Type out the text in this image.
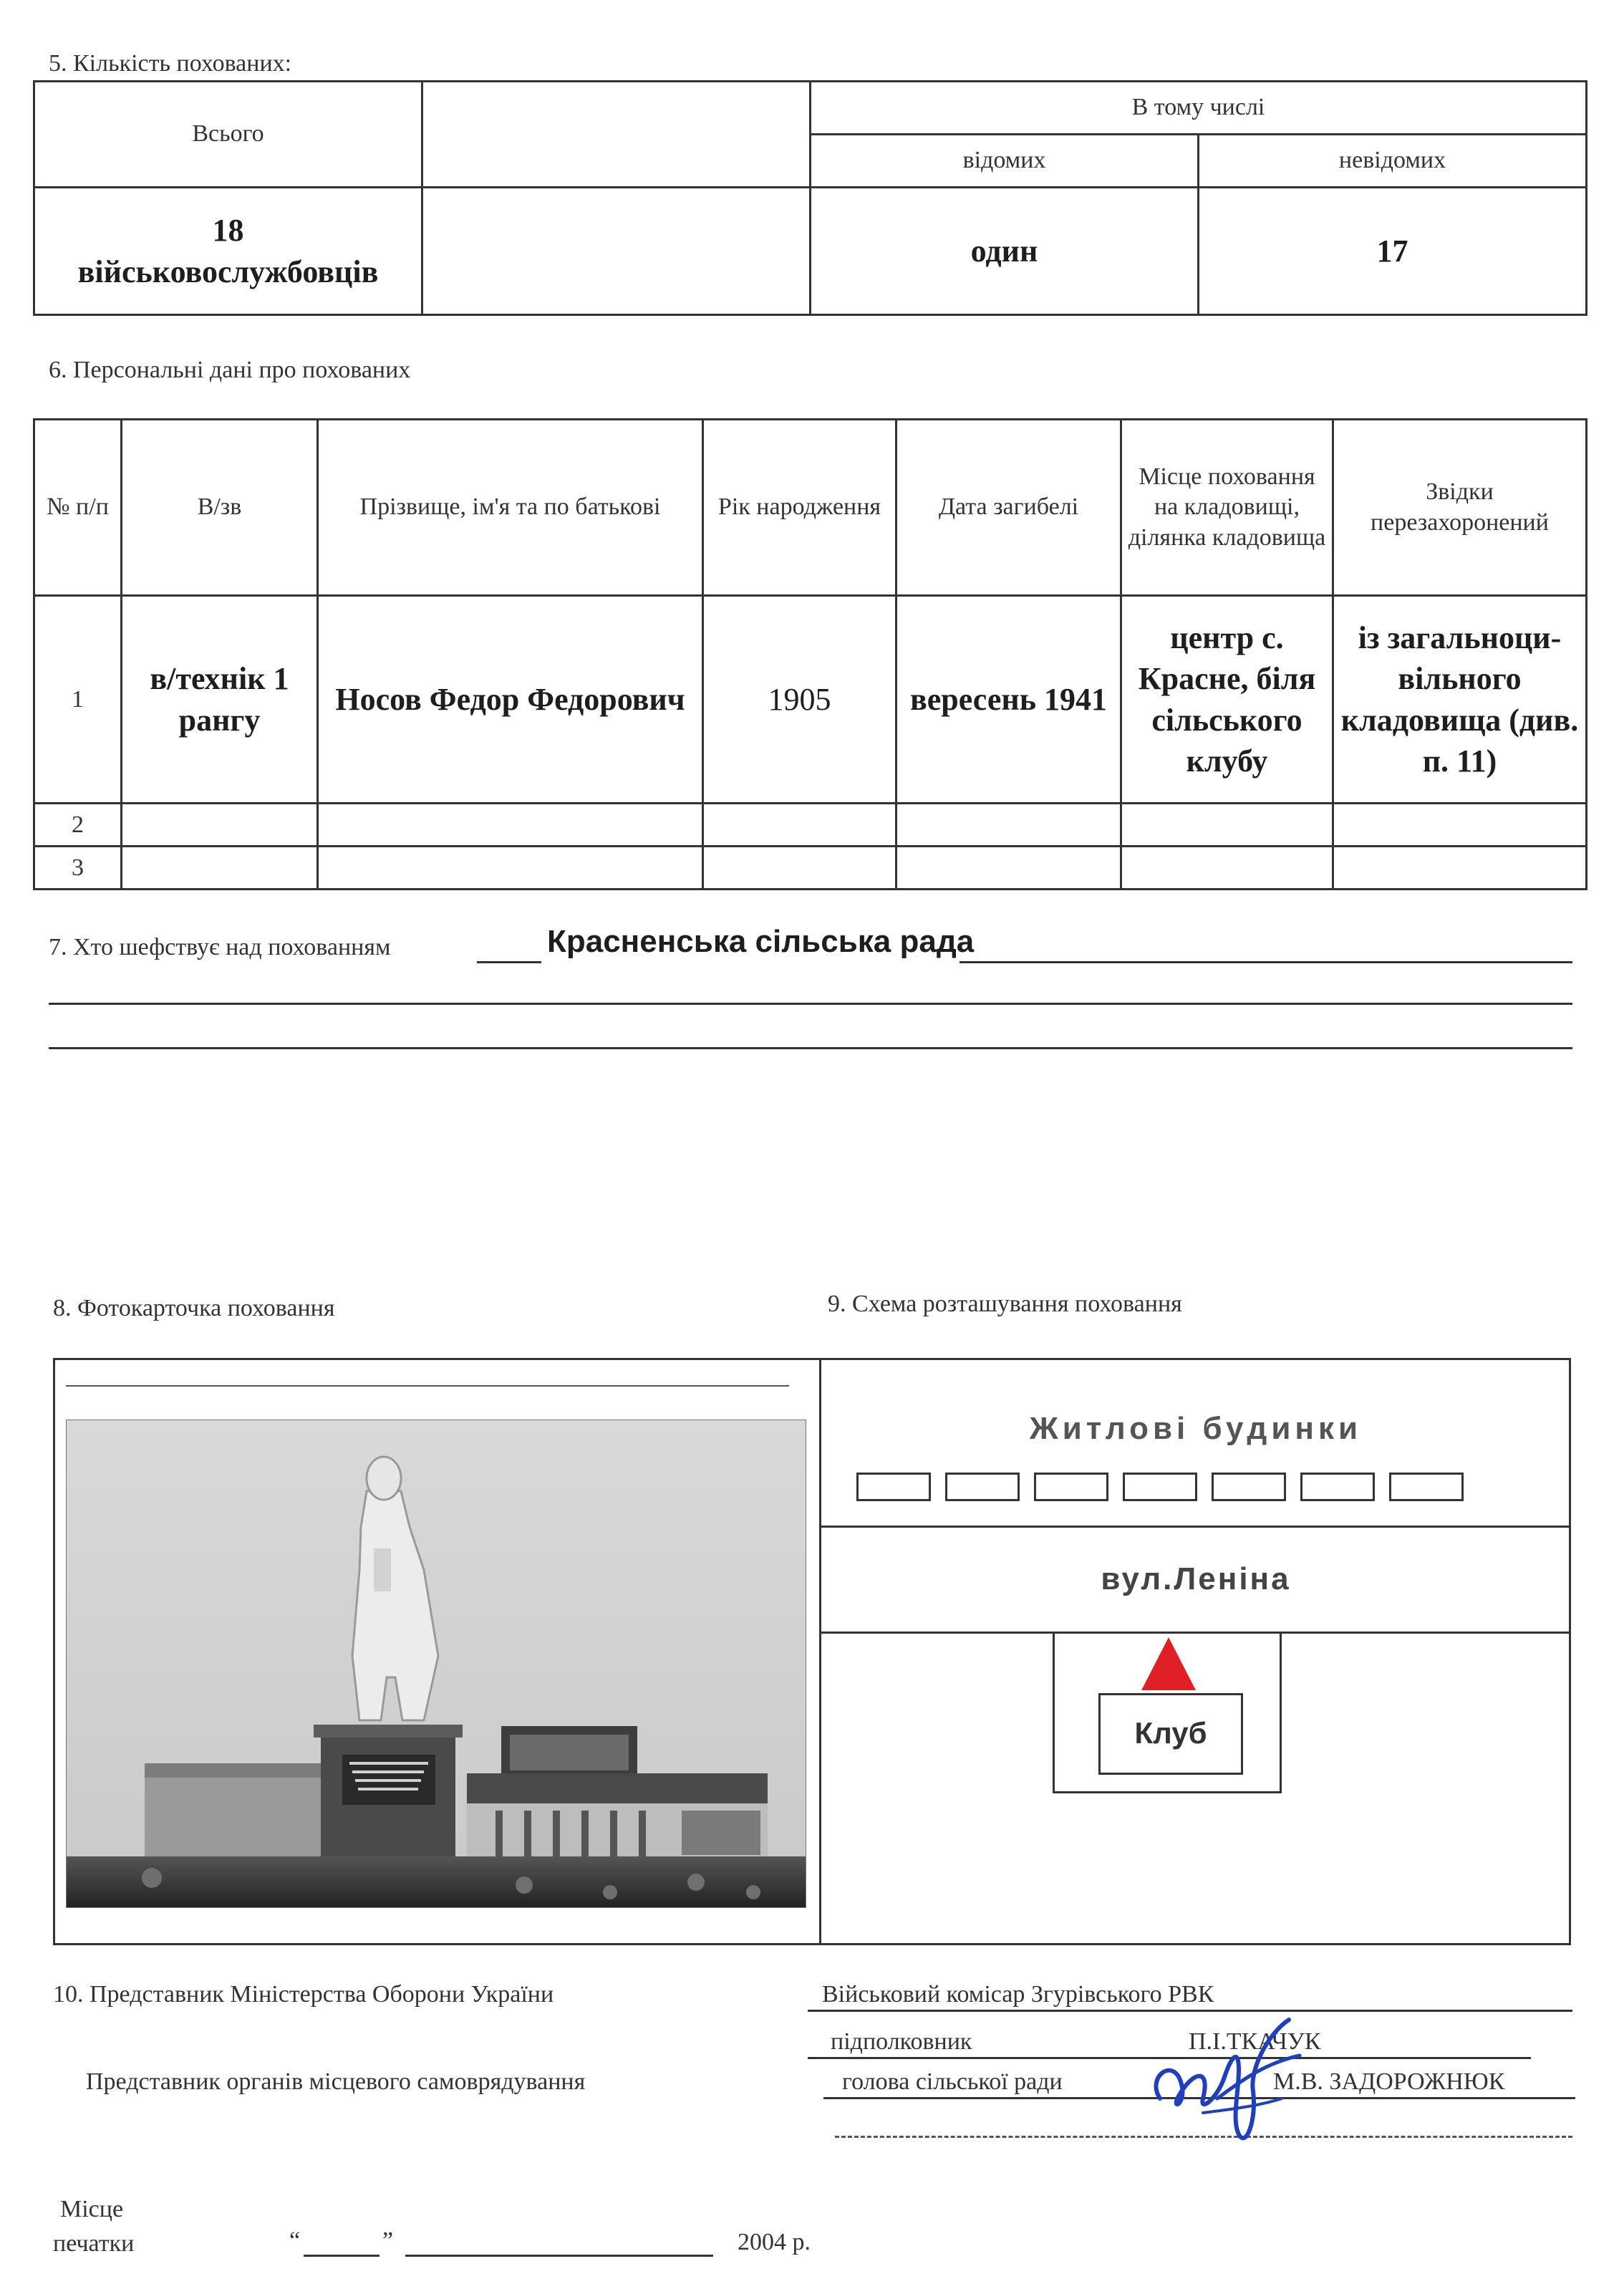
5. Кількість похованих:
Всього		В тому числі	
		відомих	невідомих

18
військовослужбовців		один	17
6. Персональні дані про похованих
№ п/п	В/зв	Прізвище, ім'я та по батькові	Рік народження	Дата загибелі	Місце поховання на кладовищі, ділянка кладовища	Звідки перезахоронений
1	в/технік 1 рангу	Носов Федор Федорович	1905	вересень 1941	центр с. Красне, біля сільського клубу	із загальноци-вільного кладовища (див. п. 11)
2						
3						
7. Хто шефствує над похованням	Красненська сільська рада
8. Фотокарточка поховання	9. Схема розташування поховання
Житлові будинки
вул.Леніна
Клуб
10. Представник Міністерства Оборони України	Військовий комісар Згурівського РВК
підполковник	П.І.ТКАЧУК
Представник органів місцевого самоврядування	голова сільської ради	М.В. ЗАДОРОЖНЮК
Місце
печатки	“	”	2004 р.
